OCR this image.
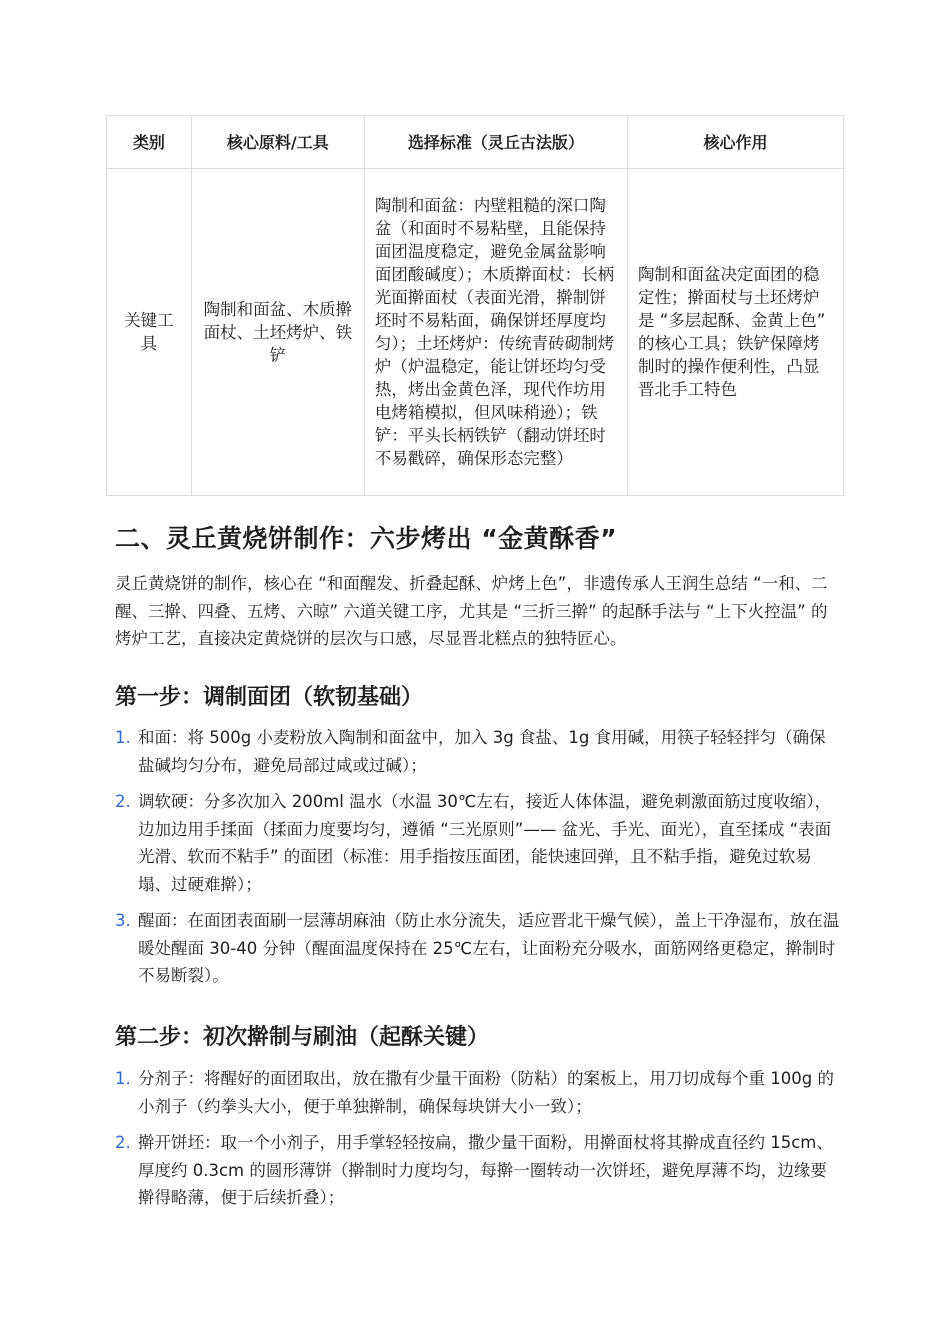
类别	核心原料/工具	选择标准（灵丘古法版）	核心作用
关键工具	陶制和面盆、木质擀面杖、土坯烤炉、铁铲	陶制和面盆：内壁粗糙的深口陶盆（和面时不易粘壁，且能保持面团温度稳定，避免金属盆影响面团酸碱度）；木质擀面杖：长柄光面擀面杖（表面光滑，擀制饼坯时不易粘面，确保饼坯厚度均匀）；土坯烤炉：传统青砖砌制烤炉（炉温稳定，能让饼坯均匀受热，烤出金黄色泽，现代作坊用电烤箱模拟，但风味稍逊）；铁铲：平头长柄铁铲（翻动饼坯时不易戳碎，确保形态完整）	陶制和面盆决定面团的稳定性；擀面杖与土坯烤炉是 “多层起酥、金黄上色” 的核心工具；铁铲保障烤制时的操作便利性，凸显晋北手工特色
二、灵丘黄烧饼制作：六步烤出 “金黄酥香”

灵丘黄烧饼的制作，核心在 “和面醒发、折叠起酥、炉烤上色”，非遗传承人王润生总结 “一和、二醒、三擀、四叠、五烤、六晾” 六道关键工序，尤其是 “三折三擀” 的起酥手法与 “上下火控温” 的烤炉工艺，直接决定黄烧饼的层次与口感，尽显晋北糕点的独特匠心。

第一步：调制面团（软韧基础）
1. 和面：将 500g 小麦粉放入陶制和面盆中，加入 3g 食盐、1g 食用碱，用筷子轻轻拌匀（确保盐碱均匀分布，避免局部过咸或过碱）；
2. 调软硬：分多次加入 200ml 温水（水温 30℃左右，接近人体体温，避免刺激面筋过度收缩），边加边用手揉面（揉面力度要均匀，遵循 “三光原则”—— 盆光、手光、面光），直至揉成 “表面光滑、软而不粘手” 的面团（标准：用手指按压面团，能快速回弹，且不粘手指，避免过软易塌、过硬难擀）；
3. 醒面：在面团表面刷一层薄胡麻油（防止水分流失，适应晋北干燥气候），盖上干净湿布，放在温暖处醒面 30-40 分钟（醒面温度保持在 25℃左右，让面粉充分吸水，面筋网络更稳定，擀制时不易断裂）。
第二步：初次擀制与刷油（起酥关键）
1. 分剂子：将醒好的面团取出，放在撒有少量干面粉（防粘）的案板上，用刀切成每个重 100g 的小剂子（约拳头大小，便于单独擀制，确保每块饼大小一致）；
2. 擀开饼坯：取一个小剂子，用手掌轻轻按扁，撒少量干面粉，用擀面杖将其擀成直径约 15cm、厚度约 0.3cm 的圆形薄饼（擀制时力度均匀，每擀一圈转动一次饼坯，避免厚薄不均，边缘要擀得略薄，便于后续折叠）；
